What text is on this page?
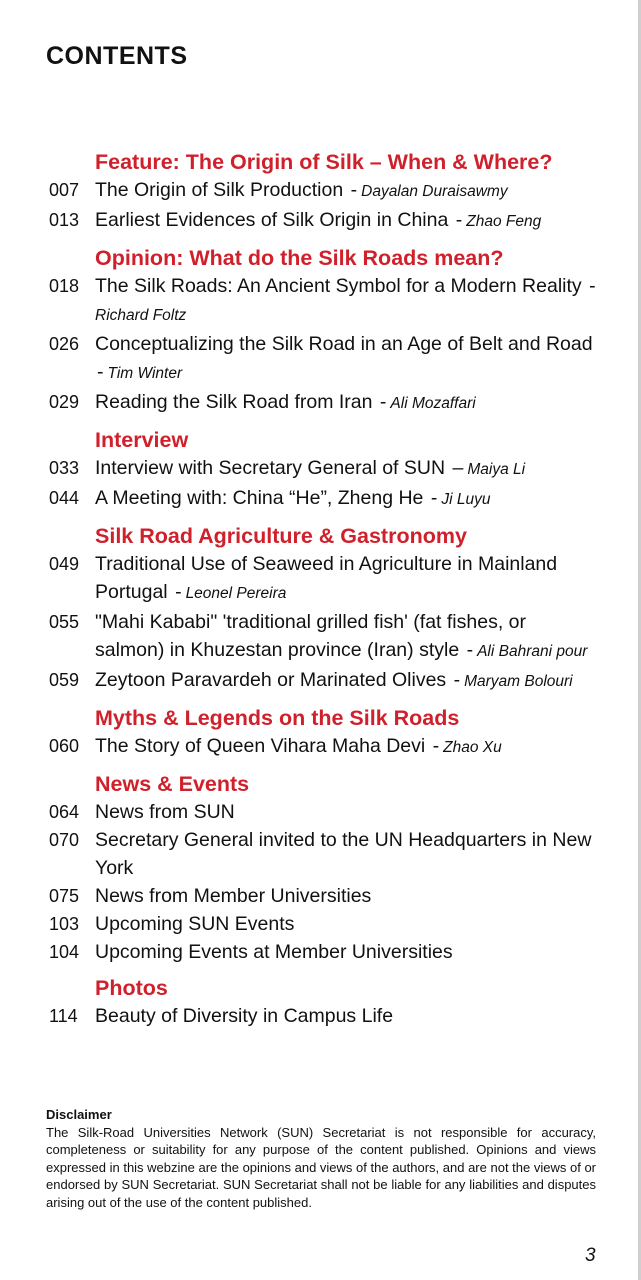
CONTENTS
Feature: The Origin of Silk – When & Where?
007 The Origin of Silk Production - Dayalan Duraisawmy
013 Earliest Evidences of Silk Origin in China - Zhao Feng
Opinion: What do the Silk Roads mean?
018 The Silk Roads: An Ancient Symbol for a Modern Reality -Richard Foltz
026 Conceptualizing the Silk Road in an Age of Belt and Road - Tim Winter
029 Reading the Silk Road from Iran - Ali Mozaffari
Interview
033 Interview with Secretary General of SUN – Maiya Li
044 A Meeting with: China “He”, Zheng He - Ji Luyu
Silk Road Agriculture & Gastronomy
049 Traditional Use of Seaweed in Agriculture in Mainland Portugal - Leonel Pereira
055 "Mahi Kababi" 'traditional grilled fish' (fat fishes, or salmon) in Khuzestan province (Iran) style - Ali Bahrani pour
059 Zeytoon Paravardeh or Marinated Olives - Maryam Bolouri
Myths & Legends on the Silk Roads
060 The Story of Queen Vihara Maha Devi - Zhao Xu
News & Events
064 News from SUN
070 Secretary General invited to the UN Headquarters in New York
075 News from Member Universities
103 Upcoming SUN Events
104 Upcoming Events at Member Universities
Photos
114 Beauty of Diversity in Campus Life
Disclaimer
The Silk-Road Universities Network (SUN) Secretariat is not responsible for accuracy, completeness or suitability for any purpose of the content published. Opinions and views expressed in this webzine are the opinions and views of the authors, and are not the views of or endorsed by SUN Secretariat. SUN Secretariat shall not be liable for any liabilities and disputes arising out of the use of the content published.
3
